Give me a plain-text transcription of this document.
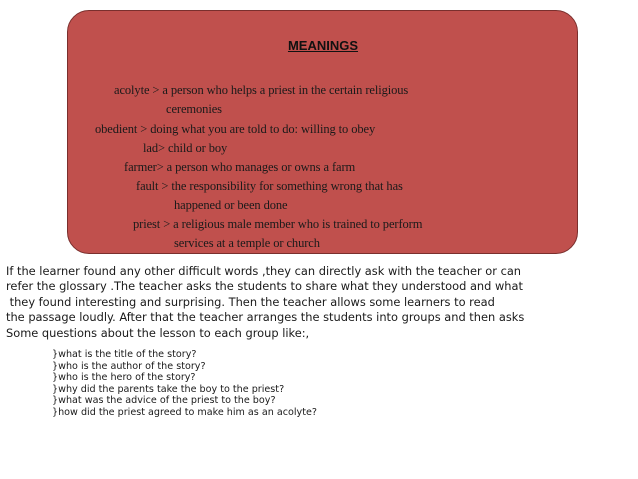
MEANINGS
acolyte > a person who helps a priest in the certain religious
ceremonies
obedient > doing what you are told to do: willing to obey
lad> child or boy
farmer> a person who manages or owns a farm
fault > the responsibility for something wrong that has
happened or been done
priest > a religious male member who is trained to perform
services at a temple or church
If the learner found any other difficult words ,they can directly ask with the teacher or can
refer the glossary .The teacher asks the students to share what they understood and what
they found interesting and surprising. Then the teacher allows some learners to read
the passage loudly. After that the teacher arranges the students into groups and then asks
Some questions about the lesson to each group like:,
}what is the title of the story?
}who is the author of the story?
}who is the hero of the story?
}why did the parents take the boy to the priest?
}what was the advice of the priest to the boy?
}how did the priest agreed to make him as an acolyte?
